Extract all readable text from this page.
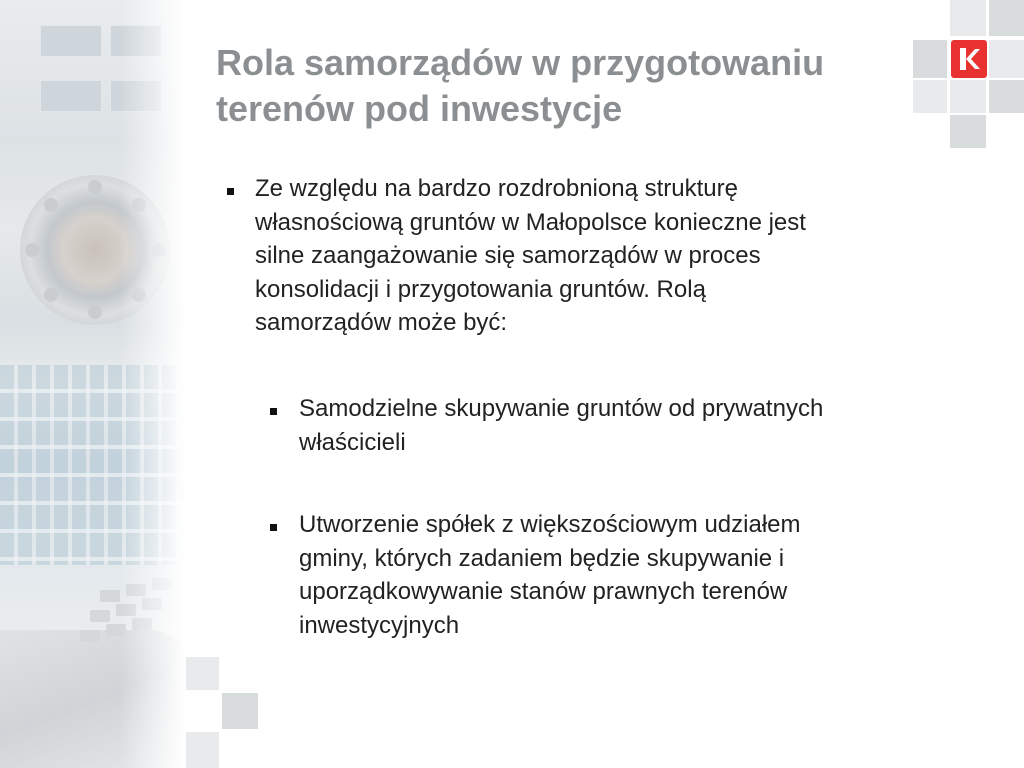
Rola samorządów w przygotowaniu
terenów pod inwestycje
Ze względu na bardzo rozdrobnioną strukturę
własnościową gruntów w Małopolsce konieczne jest
silne zaangażowanie się samorządów w proces
konsolidacji i przygotowania gruntów. Rolą
samorządów może być:
Samodzielne skupywanie gruntów od prywatnych
właścicieli
Utworzenie spółek z większościowym udziałem
gminy, których zadaniem będzie skupywanie i
uporządkowywanie stanów prawnych terenów
inwestycyjnych
